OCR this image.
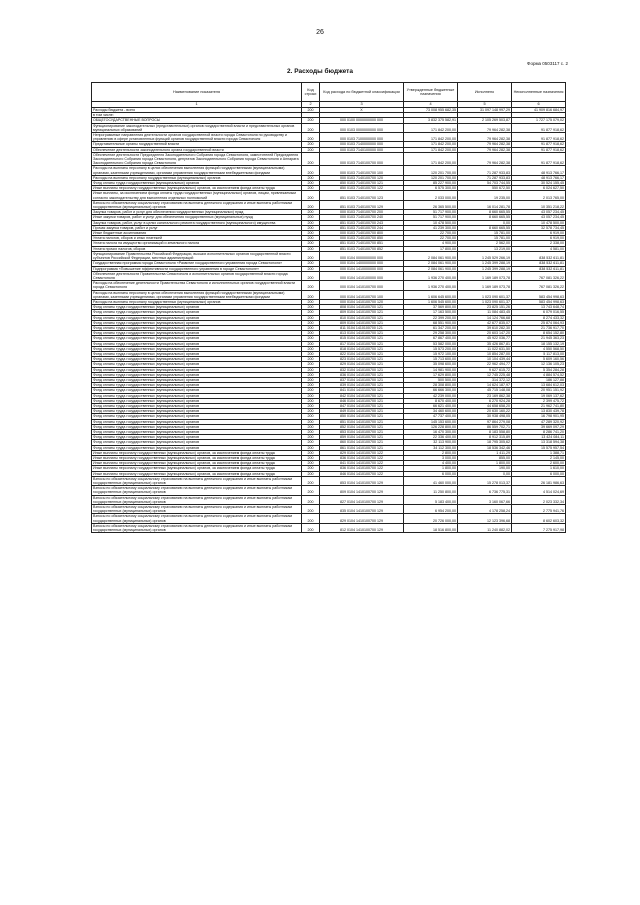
26
Форма 0503117 с. 2
2. Расходы бюджета
Наименование показателя	Код строки	Код расхода по бюджетной классификации	Утвержденные бюджетные назначения	Исполнено	Неисполненные назначения
1	2	3	4	5	6
Расходы бюджета - всего	200	X	73 008 955 682,35	31 097 148 997,29	41 909 816 684,97
в том числе:					
ОБЩЕГОСУДАРСТВЕННЫЕ ВОПРОСЫ	200	000 0100 0000000000 000	3 832 375 582,91	2 105 269 503,87	1 727 175 079,02
Функционирование законодательных (представительных) органов государственной власти и представительных органов муниципальных образований	200	000 0103 0000000000 000	171 842 200,00	79 964 282,38	91 877 918,62
Непрограммные направления деятельности органов государственной власти города Севастополя по руководству и управлению в сфере установленных функций органов государственной власти города Севастополя	200	000 0103 7100000000 000	171 842 200,00	79 964 282,38	91 877 918,62
Представительные органы государственной власти	200	000 0103 7140000000 000	171 842 200,00	79 964 282,38	91 877 918,62
Обеспечение деятельности законодательного органа государственной власти	200	000 0103 7140100000 000	171 842 200,00	79 964 282,38	91 877 918,62
Обеспечение деятельности Председателя Законодательного Собрания города Севастополя, заместителей Председателя Законодательного Собрания города Севастополя, депутатов Законодательного Собрания города Севастополя и Аппарата Законодательного Собрания города Севастополя	200	000 0103 7140100700 000	171 842 200,00	79 964 282,38	91 877 918,62
Расходы на выплаты персоналу в целях обеспечения выполнения функций государственными (муниципальными) органами, казенными учреждениями, органами управления государственными внебюджетными фондами	200	000 0103 7140100700 100	120 201 700,00	71 287 933,83	48 913 766,17
Расходы на выплаты персоналу государственных (муниципальных) органов	200	000 0103 7140100700 120	120 201 700,00	71 287 933,83	48 913 766,17
Фонд оплаты труда государственных (муниципальных) органов	200	850 0103 7140100700 121	85 227 900,00	54 703 744,55	30 524 155,45
Иные выплаты персоналу государственных (муниципальных) органов, за исключением фонда оплаты труда	200	850 0103 7140100700 122	6 575 300,00	550 672,50	6 024 627,50
Иные выплаты, за исключением фонда оплаты труда государственных (муниципальных) органов, лицам, привлекаемым согласно законодательству для выполнения отдельных полномочий	200	851 0103 7140100700 123	2 033 000,00	19 235,00	2 013 765,00
Взносы по обязательному социальному страхованию на выплаты денежного содержания и иные выплаты работникам государственных (муниципальных) органов	200	851 0103 7140100700 129	26 365 500,00	16 014 281,78	10 351 218,22
Закупка товаров, работ и услуг для обеспечения государственных (муниципальных) нужд	200	000 0103 7140100700 200	51 717 900,00	8 660 665,55	43 057 234,45
Иные закупки товаров, работ и услуг для обеспечения государственных (муниципальных) нужд	200	000 0103 7140100700 240	51 717 900,00	8 660 665,55	43 057 234,45
Закупка товаров, работ, услуг в целях капитального ремонта государственного (муниципального) имущества	200	851 0103 7140100700 243	10 478 500,00	0,00	10 478 500,00
Прочая закупка товаров, работ и услуг	200	851 0103 7140100700 244	41 239 300,00	8 660 665,55	32 578 734,45
Иные бюджетные ассигнования	200	000 0103 7140100700 800	22 700,00	15 781,00	6 919,00
Уплата налогов, сборов и иных платежей	200	000 0103 7140100700 850	22 700,00	15 781,00	6 919,00
Уплата налога на имущество организаций и земельного налога	200	851 0103 7140100700 851	4 900,00	2 562,00	2 338,00
Уплата прочих налогов, сборов	200	851 0103 7140100700 852	17 800,00	13 219,00	4 581,00
Функционирование Правительства Российской Федерации, высших исполнительных органов государственной власти субъектов Российской Федерации, местных администраций	200	000 0104 0000000000 000	2 084 061 900,00	1 245 529 266,19	838 532 611,81
Государственная программа города Севастополя «Развитие государственного управления города Севастополя»	200	000 0104 1400000000 000	2 084 061 900,00	1 245 399 288,19	838 532 611,81
Подпрограмма «Повышение эффективности государственного управления в городе Севастополе»	200	000 0104 1410000000 000	2 084 061 900,00	1 245 399 288,19	838 532 611,81
Обеспечение деятельности Правительства Севастополя и исполнительных органов государственной власти города Севастополя	200	000 0104 1410100000 000	1 936 270 400,00	1 169 189 073,78	767 081 326,22
Расходы на обеспечение деятельности Правительства Севастополя и исполнительных органов государственной власти города Севастополя	200	000 0104 1410100700 000	1 936 270 400,00	1 169 189 073,78	767 081 326,22
Расходы на выплаты персоналу в целях обеспечения выполнения функций государственными (муниципальными) органами, казенными учреждениями, органами управления государственными внебюджетными фондами	200	000 0104 1410100700 100	1 606 645 600,00	1 023 090 601,37	583 454 998,63
Расходы на выплаты персоналу государственных (муниципальных) органов	200	000 0104 1410100700 120	1 606 545 600,00	1 023 090 601,37	583 454 998,63
Фонд оплаты труда государственных (муниципальных) органов	200	808 0104 1410100700 121	37 569 800,00	23 825 151,26	13 743 648,74
Фонд оплаты труда государственных (муниципальных) органов	200	809 0104 1410100700 121	17 163 500,00	11 084 483,45	6 079 016,55
Фонд оплаты труда государственных (муниципальных) органов	200	810 0104 1410100700 121	22 399 200,00	14 124 766,68	8 274 433,32
Фонд оплаты труда государственных (муниципальных) органов	200	809 0104 1410100700 121	68 551 900,00	42 677 835,07	25 874 064,93
Фонд оплаты труда государственных (муниципальных) органов	200	811 0104 1410100700 121	61 347 200,00	39 610 282,30	21 736 917,70
Фонд оплаты труда государственных (муниципальных) органов	200	813 0104 1410100700 121	29 258 300,00	20 603 147,20	8 654 152,80
Фонд оплаты труда государственных (муниципальных) органов	200	815 0104 1410100700 121	67 867 400,00	45 922 036,77	21 945 363,23
Фонд оплаты труда государственных (муниципальных) органов	200	817 0104 1410100700 121	53 582 000,00	35 426 867,81	18 155 132,19
Фонд оплаты труда государственных (муниципальных) органов	200	818 0104 1410100700 121	15 573 200,00	11 022 631,50	4 550 568,50
Фонд оплаты труда государственных (муниципальных) органов	200	822 0104 1410100700 121	15 972 100,00	10 854 287,00	5 117 813,00
Фонд оплаты труда государственных (муниципальных) органов	200	823 0104 1410100700 121	15 713 600,00	10 104 439,44	5 609 160,56
Фонд оплаты труда государственных (муниципальных) органов	200	829 0104 1410100700 121	35 098 600,00	22 962 494,77	12 136 105,23
Фонд оплаты труда государственных (муниципальных) органов	200	832 0104 1410100700 121	14 981 900,00	9 627 615,72	5 354 284,28
Фонд оплаты труда государственных (муниципальных) органов	200	836 0104 1410100700 121	17 629 800,00	12 745 225,48	4 884 574,52
Фонд оплаты труда государственных (муниципальных) органов	200	837 0104 1410100700 121	500 500,00	314 372,12	186 127,88
Фонд оплаты труда государственных (муниципальных) органов	200	839 0104 1410100700 121	28 308 800,00	14 624 187,97	13 684 612,03
Фонд оплаты труда государственных (муниципальных) органов	200	841 0104 1410100700 121	66 666 300,00	45 715 148,08	20 951 151,92
Фонд оплаты труда государственных (муниципальных) органов	200	842 0104 1410100700 121	42 239 000,00	23 169 862,38	19 069 137,62
Фонд оплаты труда государственных (муниципальных) органов	200	846 0104 1410100700 121	8 670 400,00	6 270 924,28	2 399 475,72
Фонд оплаты труда государственных (муниципальных) органов	200	847 0104 1410100700 121	66 621 400,00	44 658 658,20	21 962 741,80
Фонд оплаты труда государственных (муниципальных) органов	200	849 0104 1410100700 121	34 460 600,00	20 630 160,22	13 830 439,78
Фонд оплаты труда государственных (муниципальных) органов	200	850 0104 1410100700 121	47 737 400,00	30 938 498,05	16 798 901,95
Фонд оплаты труда государственных (муниципальных) органов	200	851 0104 1410100700 121	145 153 600,00	97 864 279,08	47 289 320,92
Фонд оплаты труда государственных (муниципальных) органов	200	852 0104 1410100700 121	126 228 800,00	86 559 702,71	39 669 097,29
Фонд оплаты труда государственных (муниципальных) органов	200	853 0104 1410100700 121	16 470 300,00	8 183 558,80	8 286 741,20
Фонд оплаты труда государственных (муниципальных) органов	200	859 0104 1410100700 121	22 336 400,00	8 912 315,89	13 424 084,11
Фонд оплаты труда государственных (муниципальных) органов	200	860 0104 1410100700 121	32 113 900,00	18 795 305,62	13 318 594,38
Фонд оплаты труда государственных (муниципальных) органов	200	861 0104 1410100700 121	34 112 300,00	18 536 342,46	15 575 957,54
Иные выплаты персоналу государственных (муниципальных) органов, за исключением фонда оплаты труда	200	829 0104 1410100700 122	2 800,00	1 411,29	1 388,71
Иные выплаты персоналу государственных (муниципальных) органов, за исключением фонда оплаты труда	200	836 0104 1410100700 122	3 000,00	855,00	2 145,00
Иные выплаты персоналу государственных (муниципальных) органов, за исключением фонда оплаты труда	200	841 0104 1410100700 122	4 400,00	1 800,00	2 600,00
Иные выплаты персоналу государственных (муниципальных) органов, за исключением фонда оплаты труда	200	836 0104 1410100700 122	1 800,00	190,00	1 610,00
Иные выплаты персоналу государственных (муниципальных) органов, за исключением фонда оплаты труда	200	846 0104 1410100700 122	6 000,00	0,00	6 000,00
Взносы по обязательному социальному страхованию на выплаты денежного содержания и иные выплаты работникам государственных (муниципальных) органов	200	853 0104 1410100700 129	41 460 000,00	15 278 013,37	26 181 986,63
Взносы по обязательному социальному страхованию на выплаты денежного содержания и иные выплаты работникам государственных (муниципальных) органов	200	809 0104 1410100700 129	11 250 800,00	6 736 775,31	4 514 024,69
Взносы по обязательному социальному страхованию на выплаты денежного содержания и иные выплаты работникам государственных (муниципальных) органов	200	827 0104 1410100700 129	5 183 400,00	3 160 067,66	2 023 332,34
Взносы по обязательному социальному страхованию на выплаты денежного содержания и иные выплаты работникам государственных (муниципальных) органов	200	835 0104 1410100700 129	6 954 200,00	4 178 258,24	2 775 941,76
Взносы по обязательному социальному страхованию на выплаты денежного содержания и иные выплаты работникам государственных (муниципальных) органов	200	829 0104 1410100700 129	20 726 000,00	12 123 396,68	8 602 603,32
Взносы по обязательному социальному страхованию на выплаты денежного содержания и иные выплаты работникам государственных (муниципальных) органов	200	812 0104 1410100700 129	18 516 800,00	11 240 882,02	7 275 917,98
